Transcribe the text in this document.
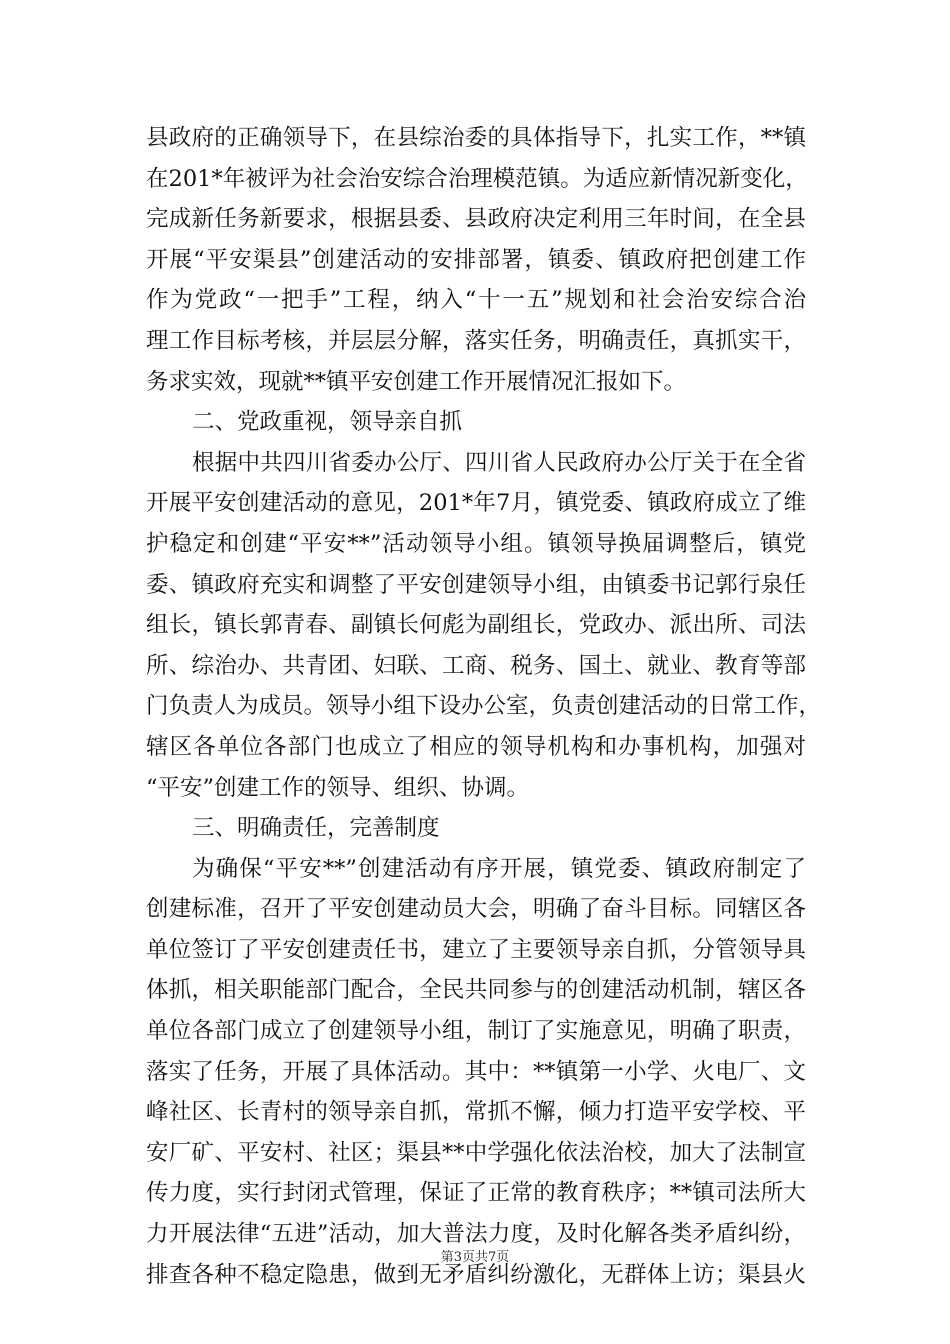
县政府的正确领导下，在县综治委的具体指导下，扎实工作，**镇
在201*年被评为社会治安综合治理模范镇。为适应新情况新变化，
完成新任务新要求，根据县委、县政府决定利用三年时间，在全县
开展“平安渠县”创建活动的安排部署，镇委、镇政府把创建工作
作为党政“一把手”工程，纳入“十一五”规划和社会治安综合治
理工作目标考核，并层层分解，落实任务，明确责任，真抓实干，
务求实效，现就**镇平安创建工作开展情况汇报如下。
二、党政重视，领导亲自抓
根据中共四川省委办公厅、四川省人民政府办公厅关于在全省
开展平安创建活动的意见，201*年7月，镇党委、镇政府成立了维
护稳定和创建“平安**”活动领导小组。镇领导换届调整后，镇党
委、镇政府充实和调整了平安创建领导小组，由镇委书记郭行泉任
组长，镇长郭青春、副镇长何彪为副组长，党政办、派出所、司法
所、综治办、共青团、妇联、工商、税务、国土、就业、教育等部
门负责人为成员。领导小组下设办公室，负责创建活动的日常工作，
辖区各单位各部门也成立了相应的领导机构和办事机构，加强对
“平安”创建工作的领导、组织、协调。
三、明确责任，完善制度
为确保“平安**”创建活动有序开展，镇党委、镇政府制定了
创建标准，召开了平安创建动员大会，明确了奋斗目标。同辖区各
单位签订了平安创建责任书，建立了主要领导亲自抓，分管领导具
体抓，相关职能部门配合，全民共同参与的创建活动机制，辖区各
单位各部门成立了创建领导小组，制订了实施意见，明确了职责，
落实了任务，开展了具体活动。其中：**镇第一小学、火电厂、文
峰社区、长青村的领导亲自抓，常抓不懈，倾力打造平安学校、平
安厂矿、平安村、社区；渠县**中学强化依法治校，加大了法制宣
传力度，实行封闭式管理，保证了正常的教育秩序；**镇司法所大
力开展法律“五进”活动，加大普法力度，及时化解各类矛盾纠纷，
排查各种不稳定隐患，做到无矛盾纠纷激化，无群体上访；渠县火
第3页共7页
